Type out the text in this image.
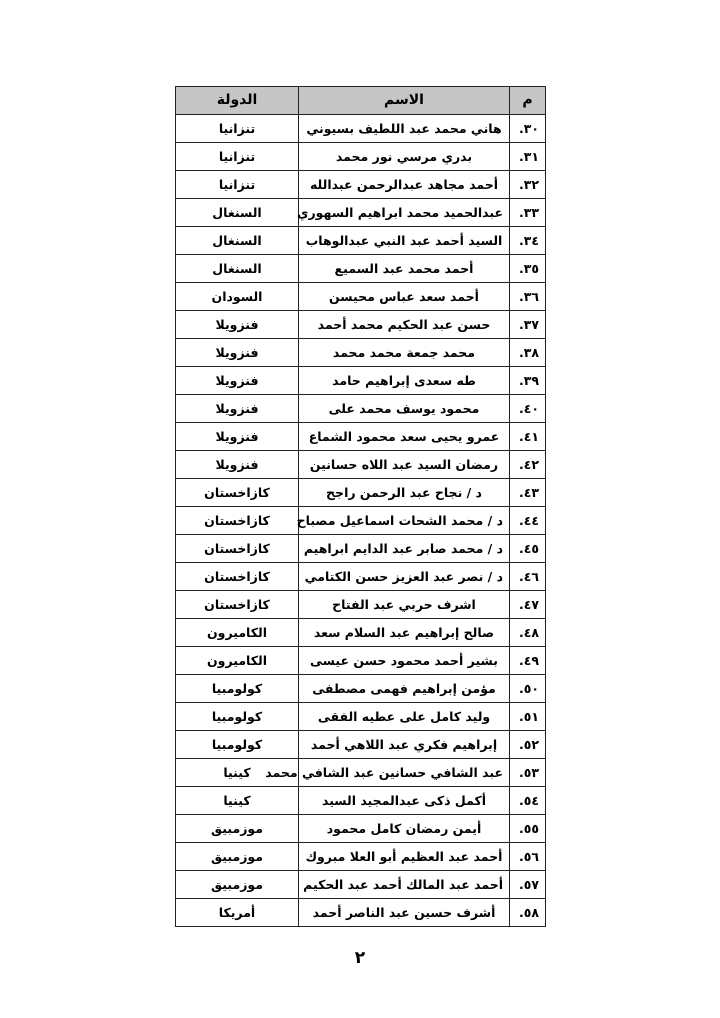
م	الاسم	الدولة
٣٠.	هاني محمد عبد اللطيف بسيوني	تنزانيا
٣١.	بدري مرسي نور محمد	تنزانيا
٣٢.	أحمد مجاهد عبدالرحمن عبدالله	تنزانيا
٣٣.	عبدالحميد محمد ابراهيم السهوري	السنغال
٣٤.	السيد أحمد عبد النبي عبدالوهاب	السنغال
٣٥.	أحمد محمد عبد السميع	السنغال
٣٦.	أحمد سعد عباس محيسن	السودان
٣٧.	حسن عبد الحكيم محمد أحمد	فنزويلا
٣٨.	محمد جمعة محمد محمد	فنزويلا
٣٩.	طه سعدى إبراهيم حامد	فنزويلا
٤٠.	محمود يوسف محمد على	فنزويلا
٤١.	عمرو يحيى سعد محمود الشماع	فنزويلا
٤٢.	رمضان السيد عبد اللاه حسانين	فنزويلا
٤٣.	د / نجاح عبد الرحمن راجح	كازاخستان
٤٤.	د / محمد الشحات اسماعيل مصباح	كازاخستان
٤٥.	د / محمد صابر عبد الدايم ابراهيم	كازاخستان
٤٦.	د / نصر عبد العزيز حسن الكتامي	كازاخستان
٤٧.	اشرف حربي عبد الفتاح	كازاخستان
٤٨.	صالح إبراهيم عبد السلام سعد	الكاميرون
٤٩.	بشير أحمد محمود حسن عيسى	الكاميرون
٥٠.	مؤمن إبراهيم فهمى مصطفى	كولومبيا
٥١.	وليد كامل على عطيه الفقى	كولومبيا
٥٢.	إبراهيم فكري عبد اللاهي أحمد	كولومبيا
٥٣.	عبد الشافي حسانين عبد الشافي محمد	كينيا
٥٤.	أكمل ذكى عبدالمجيد السيد	كينيا
٥٥.	أيمن رمضان كامل محمود	موزمبيق
٥٦.	أحمد عبد العظيم أبو العلا مبروك	موزمبيق
٥٧.	أحمد عبد المالك أحمد عبد الحكيم	موزمبيق
٥٨.	أشرف حسين عبد الناصر أحمد	أمريكا
٢
